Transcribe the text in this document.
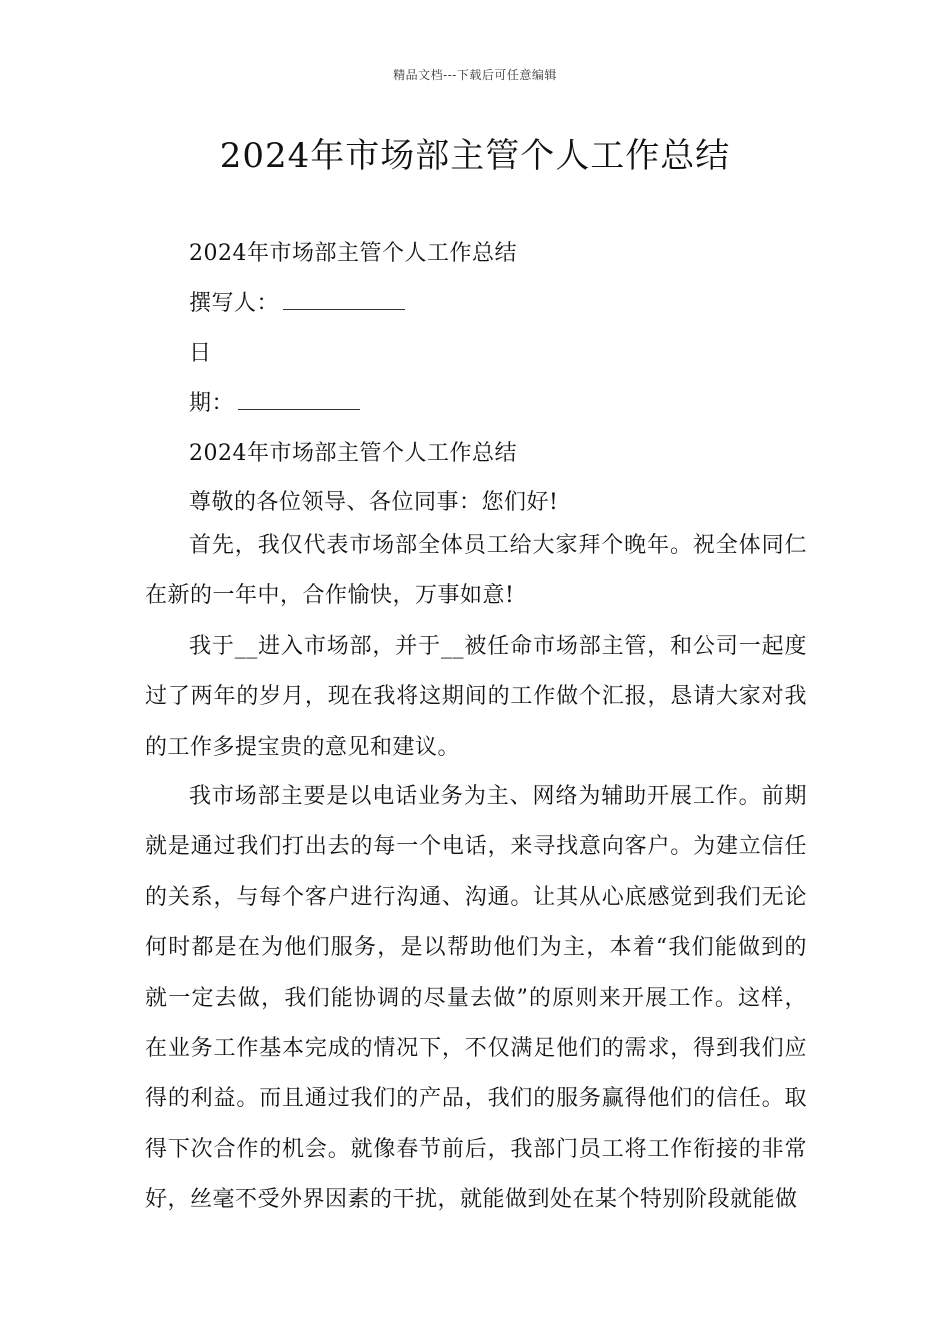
精品文档---下载后可任意编辑
2024年市场部主管个人工作总结
2024年市场部主管个人工作总结
撰写人：
日
期：
2024年市场部主管个人工作总结
尊敬的各位领导、各位同事：您们好!

首先，我仅代表市场部全体员工给大家拜个晚年。祝全体同仁在新的一年中，合作愉快，万事如意!

我于__进入市场部，并于__被任命市场部主管，和公司一起度过了两年的岁月，现在我将这期间的工作做个汇报，恳请大家对我的工作多提宝贵的意见和建议。

我市场部主要是以电话业务为主、网络为辅助开展工作。前期就是通过我们打出去的每一个电话，来寻找意向客户。为建立信任的关系，与每个客户进行沟通、沟通。让其从心底感觉到我们无论何时都是在为他们服务，是以帮助他们为主，本着“我们能做到的就一定去做，我们能协调的尽量去做”的原则来开展工作。这样，在业务工作基本完成的情况下，不仅满足他们的需求，得到我们应得的利益。而且通过我们的产品，我们的服务赢得他们的信任。取得下次合作的机会。就像春节前后，我部门员工将工作衔接的非常好，丝毫不受外界因素的干扰，就能做到处在某个特别阶段就能做
